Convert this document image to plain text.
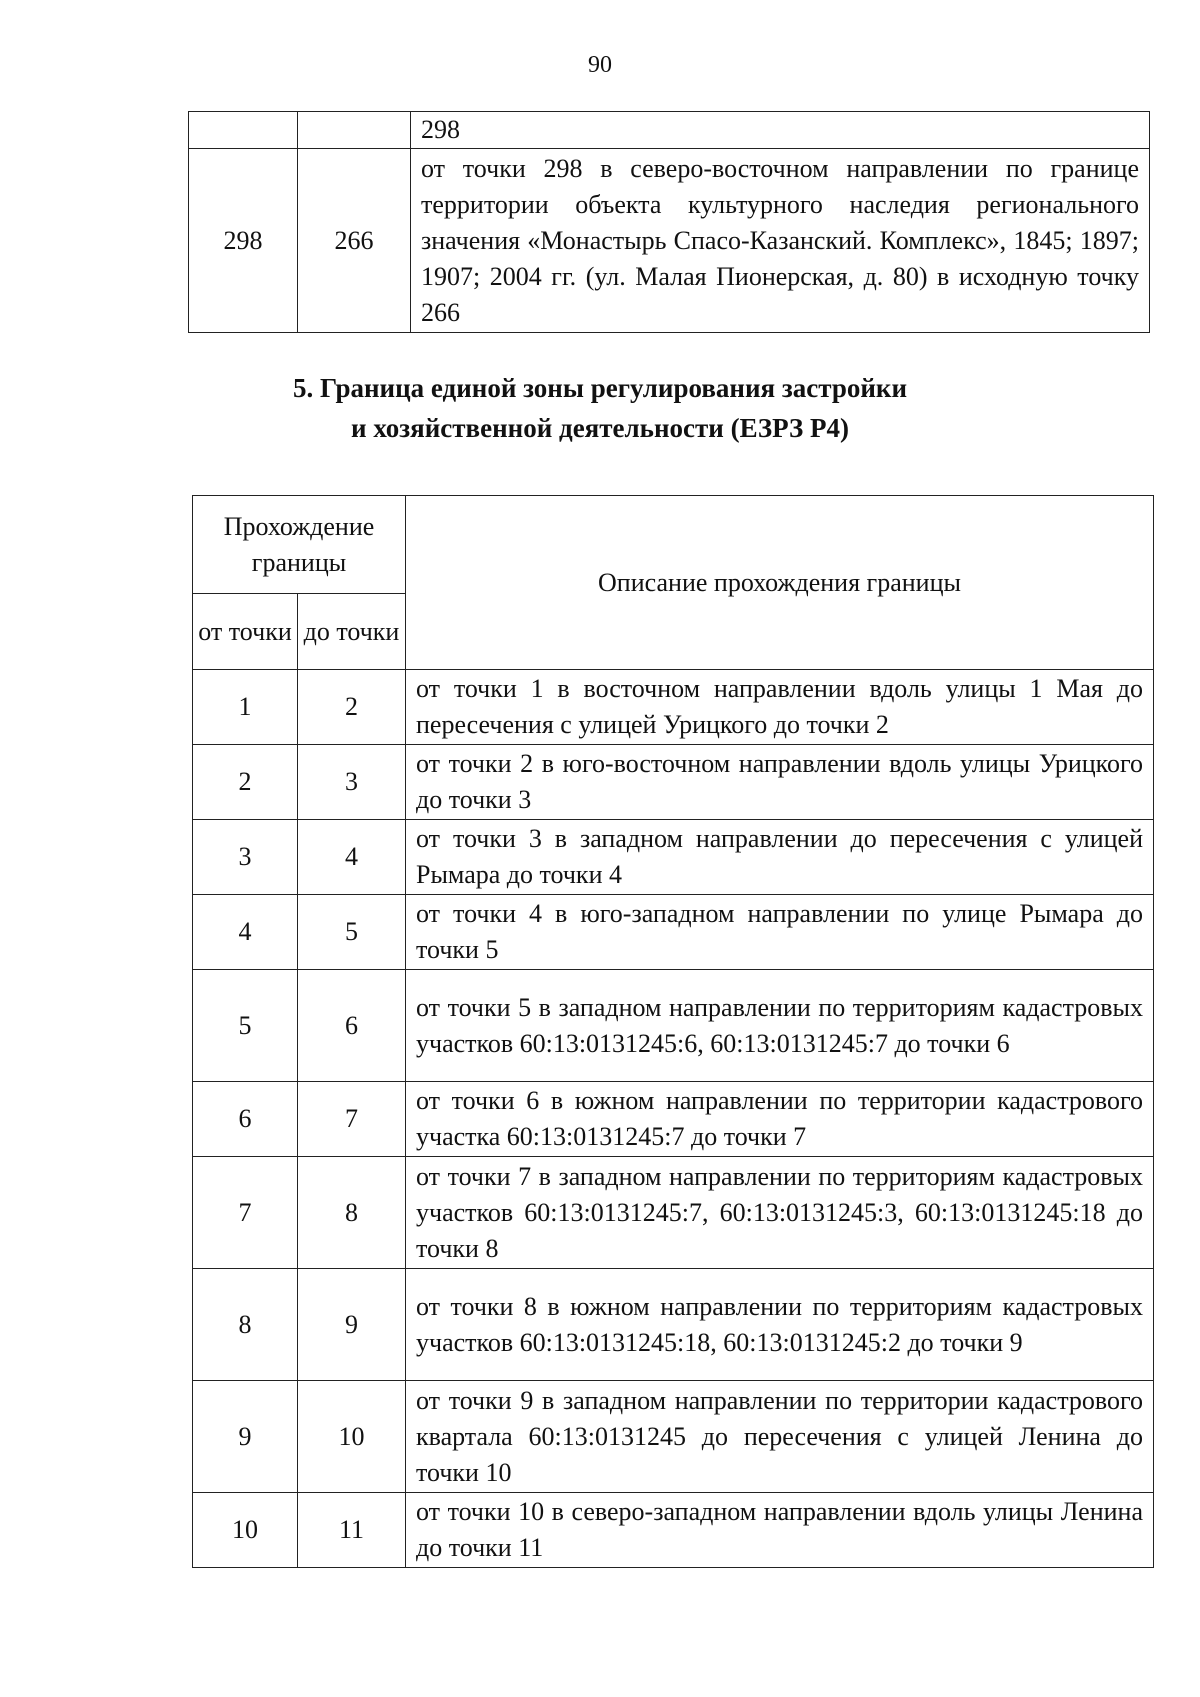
90
		298
298	266	от точки 298 в северо-восточном направлении по границе территории объекта культурного наследия регионального значения «Монастырь Спасо-Казанский. Комплекс», 1845; 1897; 1907; 2004 гг. (ул. Малая Пионерская, д. 80) в исходную точку 266
5. Граница единой зоны регулирования застройки
и хозяйственной деятельности (ЕЗРЗ Р4)
Прохождение границы		Описание прохождения границы
от точки	до точки	
1	2	от точки 1 в восточном направлении вдоль улицы 1 Мая до пересечения с улицей Урицкого до точки 2
2	3	от точки 2 в юго-восточном направлении вдоль улицы Урицкого до точки 3
3	4	от точки 3 в западном направлении до пересечения с улицей Рымара до точки 4
4	5	от точки 4 в юго-западном направлении по улице Рымара до точки 5
5	6	от точки 5 в западном направлении по территориям кадастровых участков 60:13:0131245:6, 60:13:0131245:7 до точки 6
6	7	от точки 6 в южном направлении по территории кадастрового участка 60:13:0131245:7 до точки 7
7	8	от точки 7 в западном направлении по территориям кадастровых участков 60:13:0131245:7, 60:13:0131245:3, 60:13:0131245:18 до точки 8
8	9	от точки 8 в южном направлении по территориям кадастровых участков 60:13:0131245:18, 60:13:0131245:2 до точки 9
9	10	от точки 9 в западном направлении по территории кадастрового квартала 60:13:0131245 до пересечения с улицей Ленина до точки 10
10	11	от точки 10 в северо-западном направлении вдоль улицы Ленина до точки 11
